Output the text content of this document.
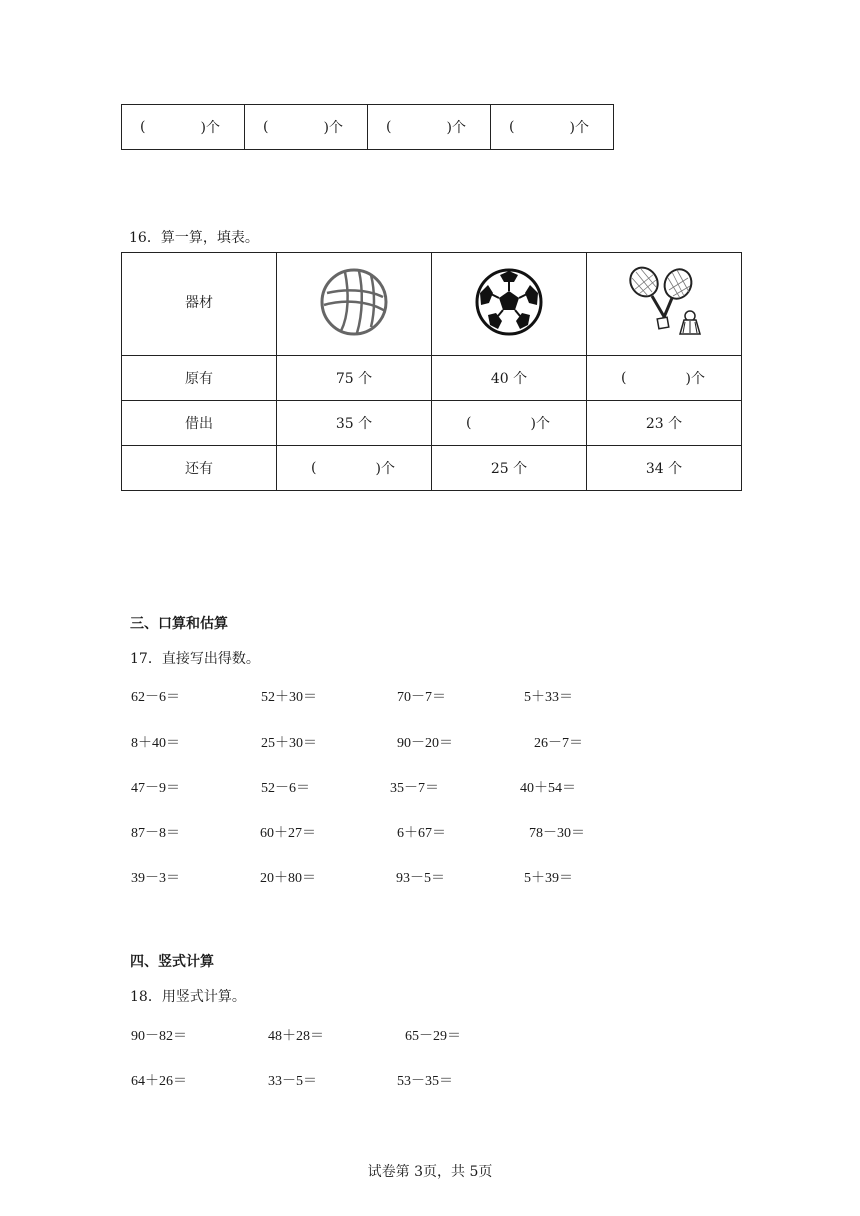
(	)个	(	)个	(	)个	(	)个
16．算一算，填表。
器材			
原有	75 个	40 个	( )个

借出	35 个	( )个	23 个
还有	( )个	25 个	34 个
三、口算和估算
17．直接写出得数。
62－6＝	52＋30＝	70－7＝	5＋33＝
8＋40＝	25＋30＝	90－20＝	26－7＝
47－9＝	52－6＝	35－7＝	40＋54＝
87－8＝	60＋27＝	6＋67＝	78－30＝
39－3＝	20＋80＝	93－5＝	5＋39＝
四、竖式计算
18．用竖式计算。
90－82＝	48＋28＝	65－29＝
64＋26＝	33－5＝	53－35＝
试卷第 3页，共 5页
